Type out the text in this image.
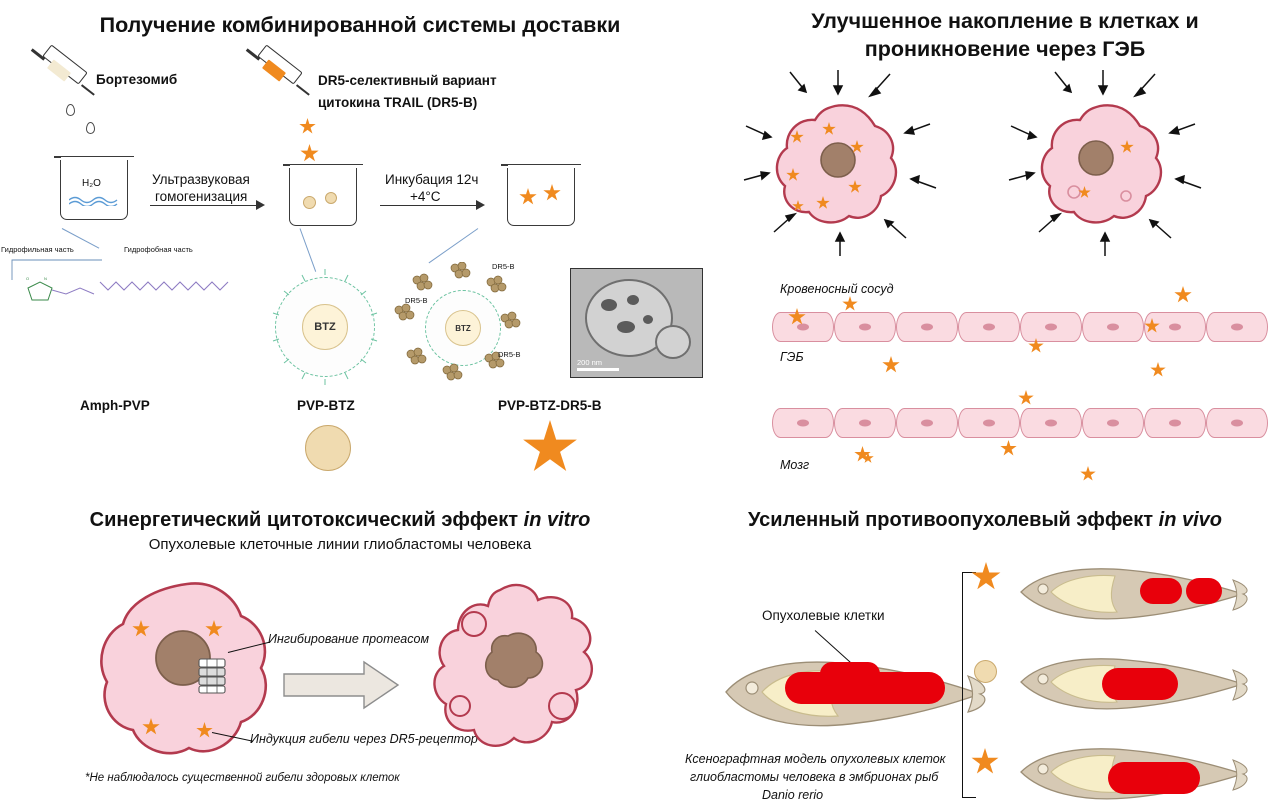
Получение комбинированной системы доставки
Бортезомиб
H₂O	Ультразвуковая
гомогенизация
DR5-селективный вариант
цитокина TRAIL (DR5-B)
Инкубация 12ч
+4°C
O	N
Гидрофильная часть	Гидрофобная часть
Amph-PVP
BTZ
PVP-BTZ
BTZ
DR5-B
DR5-B
DR5-B
PVP-BTZ-DR5-B
200 nm
Улучшенное накопление в клетках и
проникновение через ГЭБ
Кровеносный сосуд
ГЭБ
Мозг
Синергетический цитотоксический эффект in vitro
Опухолевые клеточные линии глиобластомы человека
Ингибирование протеасом
Индукция гибели через DR5-рецептор
*Не наблюдалось существенной гибели здоровых клеток
Усиленный противоопухолевый эффект in vivo
Опухолевые клетки
Ксенографтная модель опухолевых клеток
глиобластомы человека в эмбрионах рыб
Danio rerio
